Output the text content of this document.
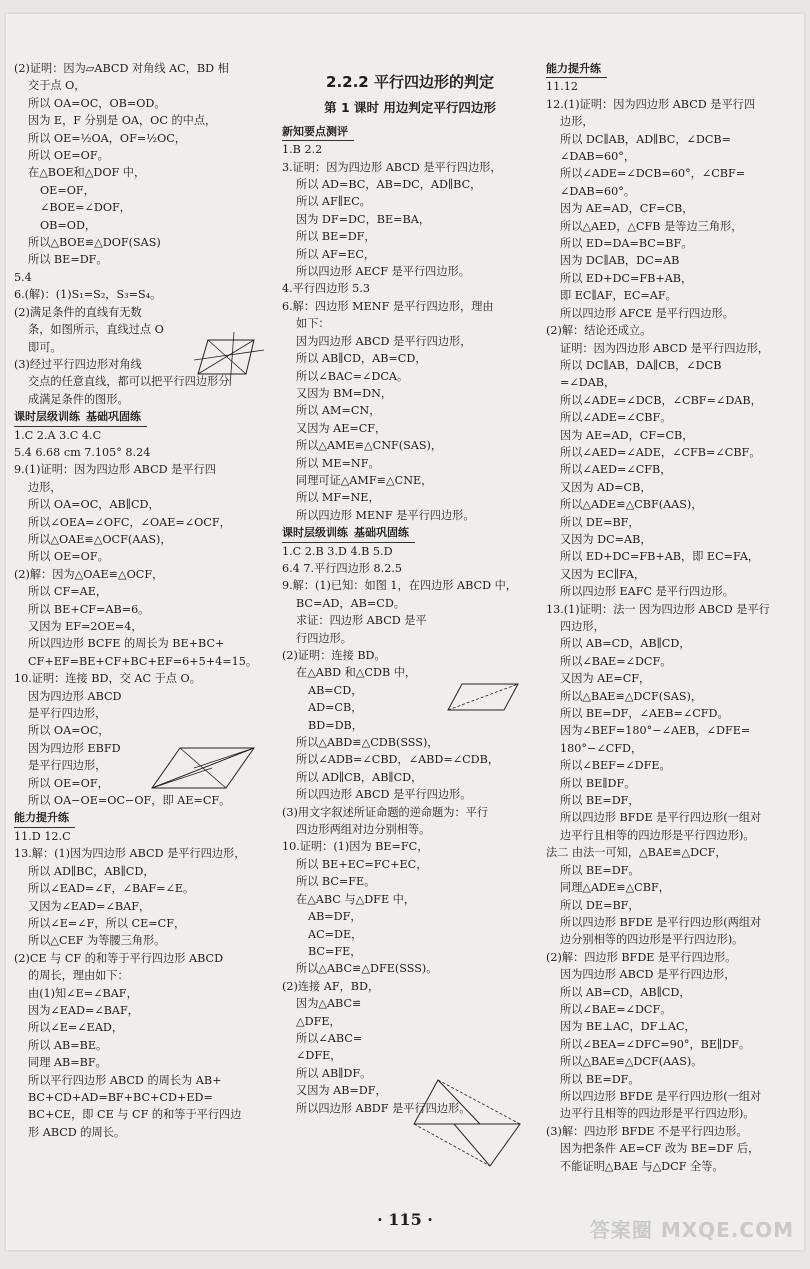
(2)证明：因为▱ABCD 对角线 AC，BD 相
交于点 O，
所以 OA=OC，OB=OD。
因为 E，F 分别是 OA，OC 的中点，
所以 OE=½OA，OF=½OC，
所以 OE=OF。
在△BOE和△DOF 中，
OE=OF，
∠BOE=∠DOF，
OB=OD，
所以△BOE≌△DOF(SAS)
所以 BE=DF。
5.4
6.(解)：(1)S₁=S₂，S₃=S₄。
(2)满足条件的直线有无数
条，如图所示，直线过点 O
即可。
(3)经过平行四边形对角线
交点的任意直线，都可以把平行四边形分
成满足条件的图形。
课时层级训练 基础巩固练
1.C 2.A 3.C 4.C
5.4 6.68 cm 7.105° 8.24
9.(1)证明：因为四边形 ABCD 是平行四
边形，
所以 OA=OC，AB∥CD，
所以∠OEA=∠OFC，∠OAE=∠OCF，
所以△OAE≌△OCF(AAS)，
所以 OE=OF。
(2)解：因为△OAE≌△OCF，
所以 CF=AE，
所以 BE+CF=AB=6。
又因为 EF=2OE=4，
所以四边形 BCFE 的周长为 BE+BC+
CF+EF=BE+CF+BC+EF=6+5+4=15。
10.证明：连接 BD，交 AC 于点 O。
因为四边形 ABCD
是平行四边形，
所以 OA=OC，
因为四边形 EBFD
是平行四边形，
所以 OE=OF，
所以 OA−OE=OC−OF，即 AE=CF。
能力提升练
11.D 12.C
13.解：(1)因为四边形 ABCD 是平行四边形，
所以 AD∥BC，AB∥CD，
所以∠EAD=∠F，∠BAF=∠E。
又因为∠EAD=∠BAF，
所以∠E=∠F，所以 CE=CF，
所以△CEF 为等腰三角形。
(2)CE 与 CF 的和等于平行四边形 ABCD
的周长，理由如下：
由(1)知∠E=∠BAF，
因为∠EAD=∠BAF，
所以∠E=∠EAD，
所以 AB=BE。
同理 AB=BF。
所以平行四边形 ABCD 的周长为 AB+
BC+CD+AD=BF+BC+CD+ED=
BC+CE，即 CE 与 CF 的和等于平行四边
形 ABCD 的周长。
2.2.2 平行四边形的判定
第 1 课时 用边判定平行四边形
新知要点测评
1.B 2.2
3.证明：因为四边形 ABCD 是平行四边形，
所以 AD=BC，AB=DC，AD∥BC，
所以 AF∥EC。
因为 DF=DC，BE=BA，
所以 BE=DF，
所以 AF=EC，
所以四边形 AECF 是平行四边形。
4.平行四边形 5.3
6.解：四边形 MENF 是平行四边形，理由
如下：
因为四边形 ABCD 是平行四边形，
所以 AB∥CD，AB=CD，
所以∠BAC=∠DCA。
又因为 BM=DN，
所以 AM=CN，
又因为 AE=CF，
所以△AME≌△CNF(SAS)，
所以 ME=NF。
同理可证△AMF≌△CNE，
所以 MF=NE，
所以四边形 MENF 是平行四边形。
课时层级训练 基础巩固练
1.C 2.B 3.D 4.B 5.D
6.4 7.平行四边形 8.2.5
9.解：(1)已知：如图 1，在四边形 ABCD 中，
BC=AD，AB=CD。
求证：四边形 ABCD 是平
行四边形。
(2)证明：连接 BD。
在△ABD 和△CDB 中，
AB=CD，
AD=CB，
BD=DB，
所以△ABD≌△CDB(SSS)，
所以∠ADB=∠CBD，∠ABD=∠CDB，
所以 AD∥CB，AB∥CD，
所以四边形 ABCD 是平行四边形。
(3)用文字叙述所证命题的逆命题为：平行
四边形两组对边分别相等。
10.证明：(1)因为 BE=FC，
所以 BE+EC=FC+EC，
所以 BC=FE。
在△ABC 与△DFE 中，
AB=DF，
AC=DE，
BC=FE，
所以△ABC≌△DFE(SSS)。
(2)连接 AF，BD，
因为△ABC≌
△DFE，
所以∠ABC=
∠DFE，
所以 AB∥DF。
又因为 AB=DF，
所以四边形 ABDF 是平行四边形。
能力提升练
11.12
12.(1)证明：因为四边形 ABCD 是平行四
边形，
所以 DC∥AB，AD∥BC，∠DCB=
∠DAB=60°，
所以∠ADE=∠DCB=60°，∠CBF=
∠DAB=60°。
因为 AE=AD，CF=CB，
所以△AED，△CFB 是等边三角形，
所以 ED=DA=BC=BF。
因为 DC∥AB，DC=AB
所以 ED+DC=FB+AB，
即 EC∥AF，EC=AF。
所以四边形 AFCE 是平行四边形。
(2)解：结论还成立。
证明：因为四边形 ABCD 是平行四边形，
所以 DC∥AB，DA∥CB，∠DCB
=∠DAB，
所以∠ADE=∠DCB，∠CBF=∠DAB，
所以∠ADE=∠CBF。
因为 AE=AD，CF=CB，
所以∠AED=∠ADE，∠CFB=∠CBF。
所以∠AED=∠CFB，
又因为 AD=CB，
所以△ADE≌△CBF(AAS)，
所以 DE=BF，
又因为 DC=AB，
所以 ED+DC=FB+AB，即 EC=FA，
又因为 EC∥FA，
所以四边形 EAFC 是平行四边形。
13.(1)证明：法一 因为四边形 ABCD 是平行
四边形，
所以 AB=CD，AB∥CD，
所以∠BAE=∠DCF。
又因为 AE=CF，
所以△BAE≌△DCF(SAS)，
所以 BE=DF，∠AEB=∠CFD。
因为∠BEF=180°−∠AEB，∠DFE=
180°−∠CFD，
所以∠BEF=∠DFE。
所以 BE∥DF。
所以 BE=DF，
所以四边形 BFDE 是平行四边形(一组对
边平行且相等的四边形是平行四边形)。
法二 由法一可知，△BAE≌△DCF，
所以 BE=DF。
同理△ADE≌△CBF，
所以 DE=BF，
所以四边形 BFDE 是平行四边形(两组对
边分别相等的四边形是平行四边形)。
(2)解：四边形 BFDE 是平行四边形。
因为四边形 ABCD 是平行四边形，
所以 AB=CD，AB∥CD，
所以∠BAE=∠DCF。
因为 BE⊥AC，DF⊥AC，
所以∠BEA=∠DFC=90°，BE∥DF。
所以△BAE≌△DCF(AAS)。
所以 BE=DF。
所以四边形 BFDE 是平行四边形(一组对
边平行且相等的四边形是平行四边形)。
(3)解：四边形 BFDE 不是平行四边形。
因为把条件 AE=CF 改为 BE=DF 后，
不能证明△BAE 与△DCF 全等。
· 115 ·	答案圈 MXQE.COM
